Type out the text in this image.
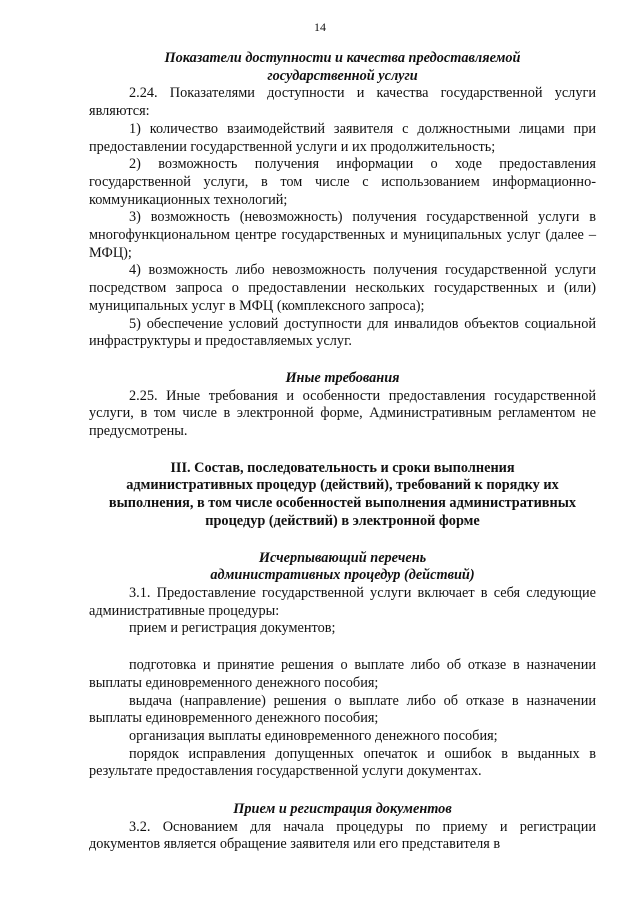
14

Показатели доступности и качества предоставляемой
государственной услуги

2.24. Показателями доступности и качества государственной услуги являются:

1) количество взаимодействий заявителя с должностными лицами при предоставлении государственной услуги и их продолжительность;

2) возможность получения информации о ходе предоставления государственной услуги, в том числе с использованием информационно-коммуникационных технологий;

3) возможность (невозможность) получения государственной услуги в многофункциональном центре государственных и муниципальных услуг (далее – МФЦ);

4) возможность либо невозможность получения государственной услуги посредством запроса о предоставлении нескольких государственных и (или) муниципальных услуг в МФЦ (комплексного запроса);

5) обеспечение условий доступности для инвалидов объектов социальной инфраструктуры и предоставляемых услуг.

Иные требования

2.25. Иные требования и особенности предоставления государственной услуги, в том числе в электронной форме, Административным регламентом не предусмотрены.

III. Состав, последовательность и сроки выполнения
административных процедур (действий), требований к порядку их
выполнения, в том числе особенностей выполнения административных
процедур (действий) в электронной форме

Исчерпывающий перечень
административных процедур (действий)

3.1. Предоставление государственной услуги включает в себя следующие административные процедуры:

прием и регистрация документов;

подготовка и принятие решения о выплате либо об отказе в назначении выплаты единовременного денежного пособия;

выдача (направление) решения о выплате либо об отказе в назначении выплаты единовременного денежного пособия;

организация выплаты единовременного денежного пособия;

порядок исправления допущенных опечаток и ошибок в выданных в результате предоставления государственной услуги документах.

Прием и регистрация документов

3.2. Основанием для начала процедуры по приему и регистрации документов является обращение заявителя или его представителя в
